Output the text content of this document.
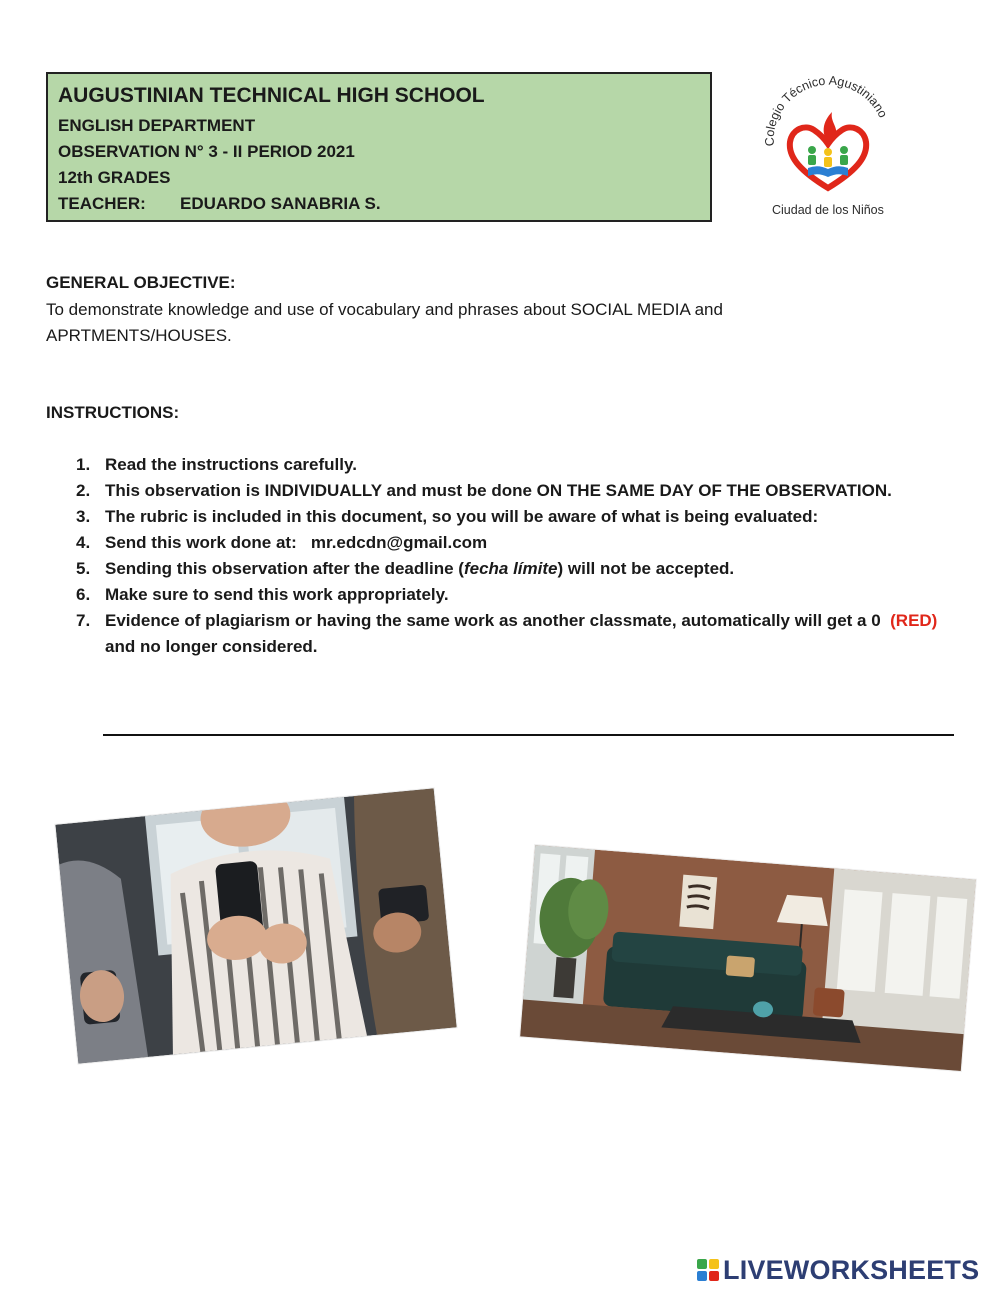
AUGUSTINIAN TECHNICAL HIGH SCHOOL
ENGLISH DEPARTMENT
OBSERVATION N° 3 - II PERIOD 2021
12th GRADES
TEACHER: EDUARDO SANABRIA S.
Colegio Técnico Agustiniano
Ciudad de los Niños
GENERAL OBJECTIVE:
To demonstrate knowledge and use of vocabulary and phrases about SOCIAL MEDIA and APRTMENTS/HOUSES.
INSTRUCTIONS:
1. Read the instructions carefully.
2. This observation is INDIVIDUALLY and must be done ON THE SAME DAY OF THE OBSERVATION.
3. The rubric is included in this document, so you will be aware of what is being evaluated:
4. Send this work done at:   mr.edcdn@gmail.com
5. Sending this observation after the deadline (fecha límite) will not be accepted.
6. Make sure to send this work appropriately.
7. Evidence of plagiarism or having the same work as another classmate, automatically will get a 0  (RED) and no longer considered.
LIVEWORKSHEETS
